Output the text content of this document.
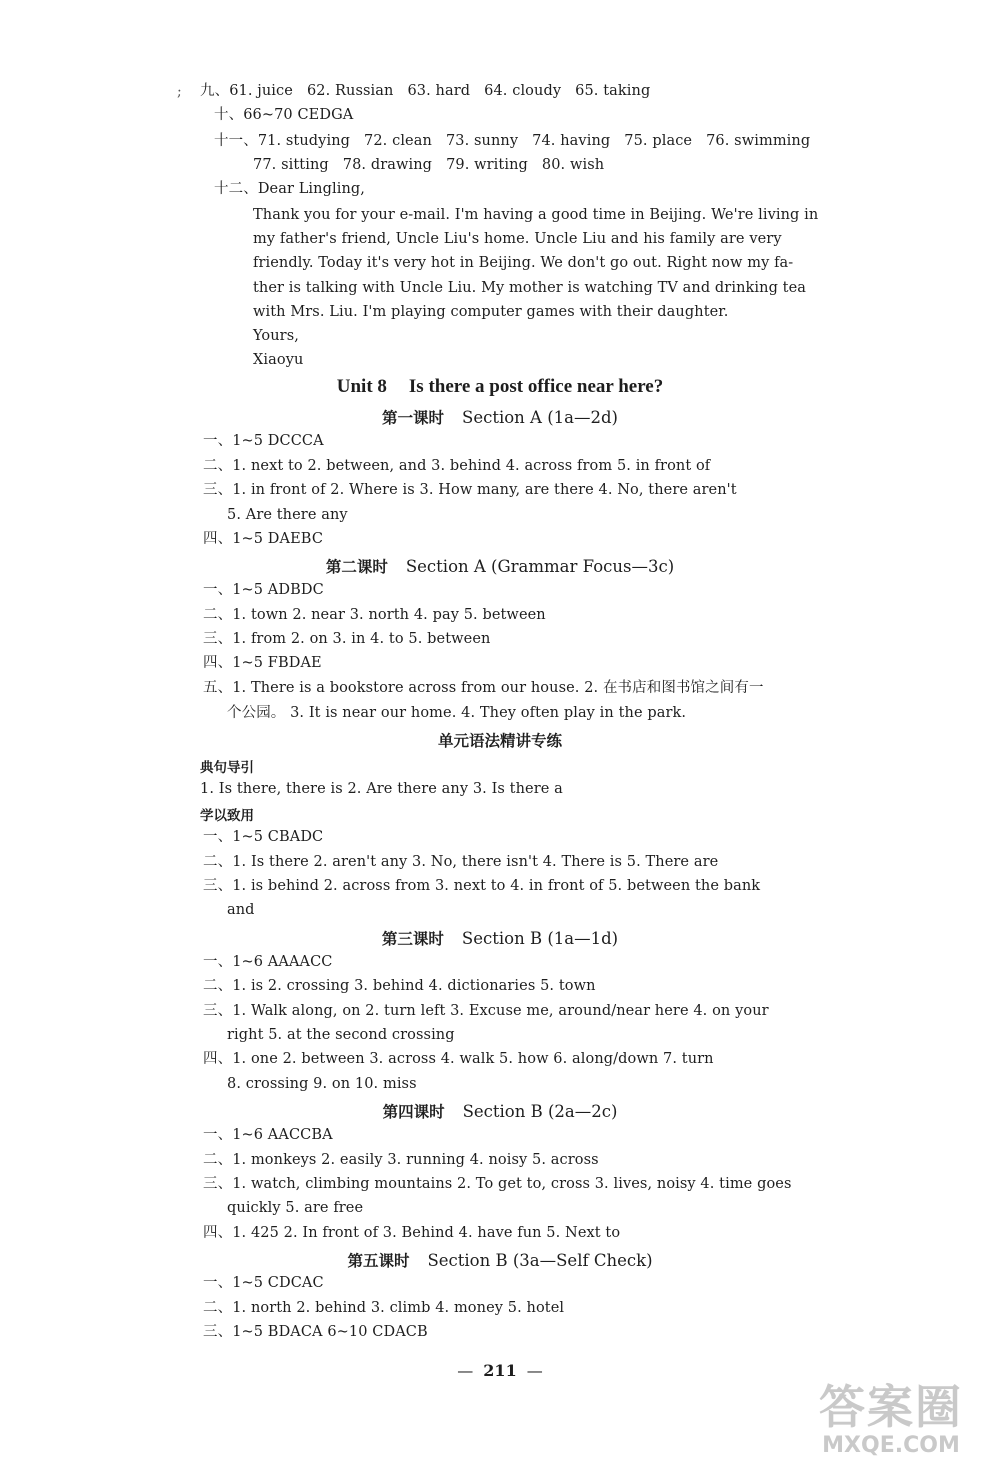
; 九、61. juice 62. Russian 63. hard 64. cloudy 65. taking
十、66~70 CEDGA
十一、71. studying 72. clean 73. sunny 74. having 75. place 76. swimming
77. sitting 78. drawing 79. writing 80. wish
十二、Dear Lingling,
Thank you for your e-mail. I'm having a good time in Beijing. We're living in
my father's friend, Uncle Liu's home. Uncle Liu and his family are very
friendly. Today it's very hot in Beijing. We don't go out. Right now my fa-
ther is talking with Uncle Liu. My mother is watching TV and drinking tea
with Mrs. Liu. I'm playing computer games with their daughter.
Yours,
Xiaoyu
Unit 8 Is there a post office near here?
第一课时 Section A (1a—2d)
一、1~5 DCCCA
二、1. next to 2. between, and 3. behind 4. across from 5. in front of
三、1. in front of 2. Where is 3. How many, are there 4. No, there aren't
5. Are there any
四、1~5 DAEBC
第二课时 Section A (Grammar Focus—3c)
一、1~5 ADBDC
二、1. town 2. near 3. north 4. pay 5. between
三、1. from 2. on 3. in 4. to 5. between
四、1~5 FBDAE
五、1. There is a bookstore across from our house. 2. 在书店和图书馆之间有一
个公园。 3. It is near our home. 4. They often play in the park.
单元语法精讲专练
典句导引
1. Is there, there is 2. Are there any 3. Is there a
学以致用
一、1~5 CBADC
二、1. Is there 2. aren't any 3. No, there isn't 4. There is 5. There are
三、1. is behind 2. across from 3. next to 4. in front of 5. between the bank
and
第三课时 Section B (1a—1d)
一、1~6 AAAACC
二、1. is 2. crossing 3. behind 4. dictionaries 5. town
三、1. Walk along, on 2. turn left 3. Excuse me, around/near here 4. on your
right 5. at the second crossing
四、1. one 2. between 3. across 4. walk 5. how 6. along/down 7. turn
8. crossing 9. on 10. miss
第四课时 Section B (2a—2c)
一、1~6 AACCBA
二、1. monkeys 2. easily 3. running 4. noisy 5. across
三、1. watch, climbing mountains 2. To get to, cross 3. lives, noisy 4. time goes
quickly 5. are free
四、1. 425 2. In front of 3. Behind 4. have fun 5. Next to
第五课时 Section B (3a—Self Check)
一、1~5 CDCAC
二、1. north 2. behind 3. climb 4. money 5. hotel
三、1~5 BDACA 6~10 CDACB
— 211 —
答案圈
MXQE.COM
